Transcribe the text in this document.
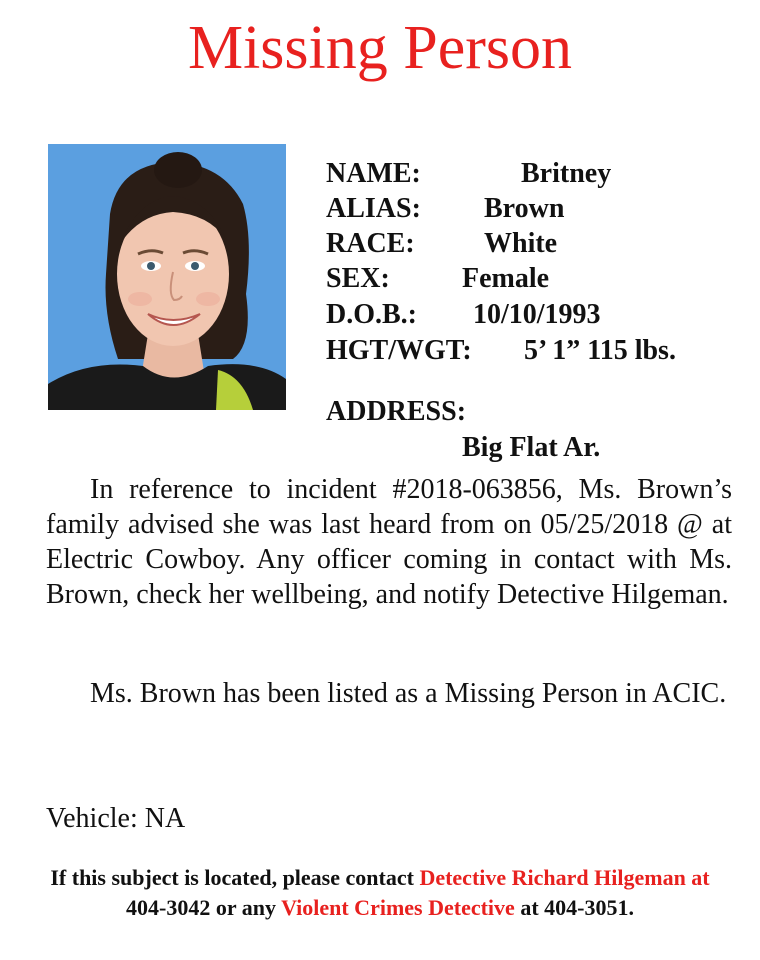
Missing Person
NAME:	Britney
ALIAS: Brown
RACE: White
SEX:	Female
D.O.B.: 10/10/1993
HGT/WGT: 5’ 1” 115 lbs.
ADDRESS:
Big Flat Ar.
In reference to incident #2018-063856, Ms. Brown’s family advised she was last heard from on 05/25/2018 @ at Electric Cowboy. Any officer coming in contact with Ms. Brown, check her wellbeing, and notify Detective Hilgeman.
Ms. Brown has been listed as a Missing Person in ACIC.
Vehicle: NA
If this subject is located, please contact Detective Richard Hilgeman at 404-3042 or any Violent Crimes Detective at 404-3051.
